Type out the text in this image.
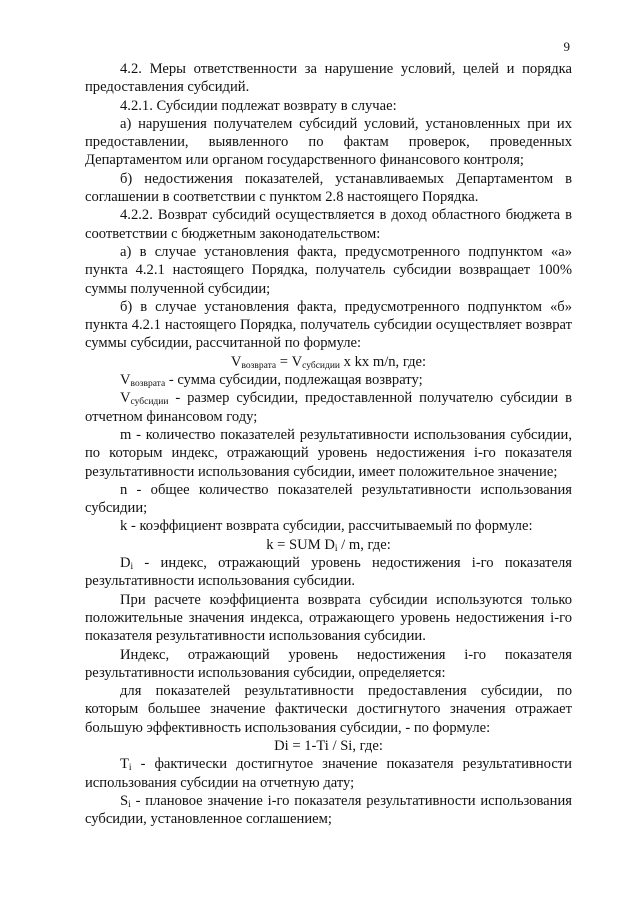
9

4.2. Меры ответственности за нарушение условий, целей и порядка предоставления субсидий.

4.2.1. Субсидии подлежат возврату в случае:

а) нарушения получателем субсидий условий, установленных при их предоставлении, выявленного по фактам проверок, проведенных Департаментом или органом государственного финансового контроля;

б) недостижения показателей, устанавливаемых Департаментом в соглашении в соответствии с пунктом 2.8 настоящего Порядка.

4.2.2. Возврат субсидий осуществляется в доход областного бюджета в соответствии с бюджетным законодательством:

а) в случае установления факта, предусмотренного подпунктом «а» пункта 4.2.1 настоящего Порядка, получатель субсидии возвращает 100% суммы полученной субсидии;

б) в случае установления факта, предусмотренного подпунктом «б» пункта 4.2.1 настоящего Порядка, получатель субсидии осуществляет возврат суммы субсидии, рассчитанной по формуле:

$V_{возврата} = V_{субсидии}$ х kх m/n, где:

$V_{возврата}$ - сумма субсидии, подлежащая возврату;

$V_{субсидии}$ - размер субсидии, предоставленной получателю субсидии в отчетном финансовом году;

m - количество показателей результативности использования субсидии, по которым индекс, отражающий уровень недостижения i-го показателя результативности использования субсидии, имеет положительное значение;

n - общее количество показателей результативности использования субсидии;

k - коэффициент возврата субсидии, рассчитываемый по формуле:

k = SUM $D_i$ / m, где:

$D_i$ - индекс, отражающий уровень недостижения i-го показателя результативности использования субсидии.

При расчете коэффициента возврата субсидии используются только положительные значения индекса, отражающего уровень недостижения i-го показателя результативности использования субсидии.

Индекс, отражающий уровень недостижения i-го показателя результативности использования субсидии, определяется:

для показателей результативности предоставления субсидии, по которым большее значение фактически достигнутого значения отражает большую эффективность использования субсидии, - по формуле:

Di = 1-Ti / Si, где:

$T_i$ - фактически достигнутое значение показателя результативности использования субсидии на отчетную дату;

$S_i$ - плановое значение i-го показателя результативности использования субсидии, установленное соглашением;
